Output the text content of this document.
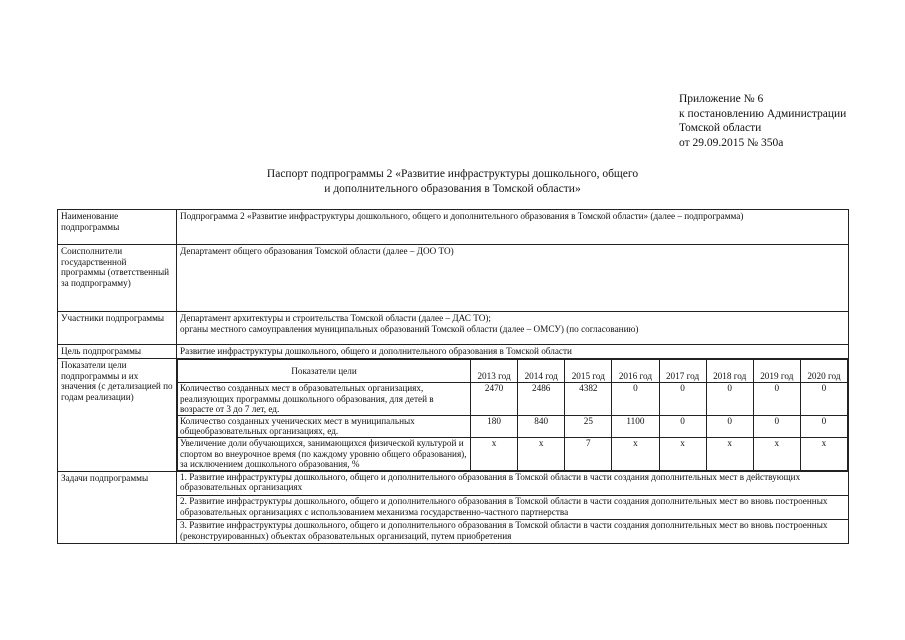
Приложение № 6
к постановлению Администрации
Томской области
от 29.09.2015 № 350а
Паспорт подпрограммы 2 «Развитие инфраструктуры дошкольного, общего
и дополнительного образования в Томской области»
Наименование подпрограммы	Подпрограмма 2 «Развитие инфраструктуры дошкольного, общего и дополнительного образования в Томской области» (далее – подпрограмма)
Соисполнители государственной программы (ответственный за подпрограмму)	Департамент общего образования Томской области (далее – ДОО ТО)
Участники подпрограммы	Департамент архитектуры и строительства Томской области (далее – ДАС ТО);
органы местного самоуправления муниципальных образований Томской области (далее – ОМСУ) (по согласованию)

Цель подпрограммы	Развитие инфраструктуры дошкольного, общего и дополнительного образования в Томской области
Показатели цели подпрограммы и их значения (с детализацией по годам реализации)	
Показатели цели	2013 год	2014 год	2015 год	2016 год	2017 год	2018 год	2019 год	2020 год
Количество созданных мест в образовательных организациях, реализующих программы дошкольного образования, для детей в возрасте от 3 до 7 лет, ед.	2470	2486	4382	0	0	0	0	0
Количество созданных ученических мест в муниципальных общеобразовательных организациях, ед.	180	840	25	1100	0	0	0	0
Увеличение доли обучающихся, занимающихся физической культурой и спортом во внеурочное время (по каждому уровню общего образования), за исключением дошкольного образования, %	x	x	7	x	x	x	x	x

Задачи подпрограммы	1. Развитие инфраструктуры дошкольного, общего и дополнительного образования в Томской области в части создания дополнительных мест в действующих образовательных организациях
2. Развитие инфраструктуры дошкольного, общего и дополнительного образования в Томской области в части создания дополнительных мест во вновь построенных образовательных организациях с использованием механизма государственно-частного партнерства
3. Развитие инфраструктуры дошкольного, общего и дополнительного образования в Томской области в части создания дополнительных мест во вновь построенных (реконструированных) объектах образовательных организаций, путем приобретения
